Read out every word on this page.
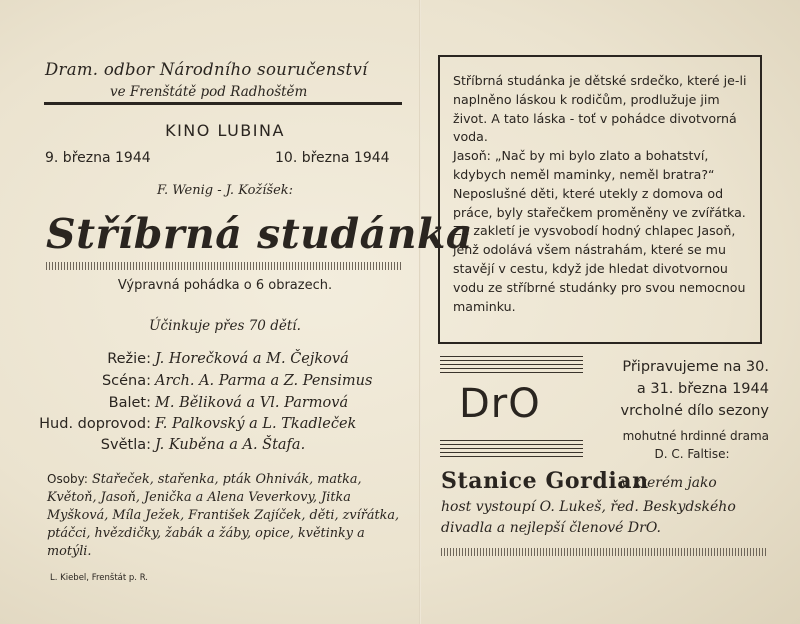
Dram. odbor Národního souručenství
ve Frenštátě pod Radhoštěm
KINO LUBINA
9. března 1944	10. března 1944
F. Wenig - J. Kožíšek:
Stříbrná studánka
Výpravná pohádka o 6 obrazech.
Účinkuje přes 70 dětí.
Režie: J. Horečková a M. Čejková
Scéna: Arch. A. Parma a Z. Pensimus
Balet: M. Běliková a Vl. Parmová
Hud. doprovod: F. Palkovský a L. Tkadleček
Světla: J. Kuběna a A. Štafa.
Osoby: Stařeček, stařenka, pták Ohnivák, matka, Květoň, Jasoň, Jenička a Alena Veverkovy, Jitka Myšková, Míla Ježek, František Zajíček, děti, zvířátka, ptáčci, hvězdičky, žabák a žáby, opice, květinky a motýli.
L. Kiebel, Frenštát p. R.

Stříbrná studánka je dětské srdečko, které je-li naplněno láskou k rodičům, prodlužuje jim život. A tato láska - toť v pohádce divotvorná voda.

Jasoň: „Nač by mi bylo zlato a bohatství, kdybych neměl maminky, neměl bratra?“

Neposlušné děti, které utekly z domova od práce, byly stařečkem proměněny ve zvířátka.

Ze zakletí je vysvobodí hodný chlapec Jasoň, jenž odolává všem nástrahám, které se mu stavějí v cestu, když jde hledat divotvornou vodu ze stříbrné studánky pro svou nemocnou maminku.

DrO
Připravujeme na 30.
a 31. března 1944
vrcholné dílo sezony
mohutné hrdinné drama
D. C. Faltise:
Stanice Gordian
v kterém jako
host vystoupí O. Lukeš, řed. Beskydského
divadla a nejlepší členové DrO.
